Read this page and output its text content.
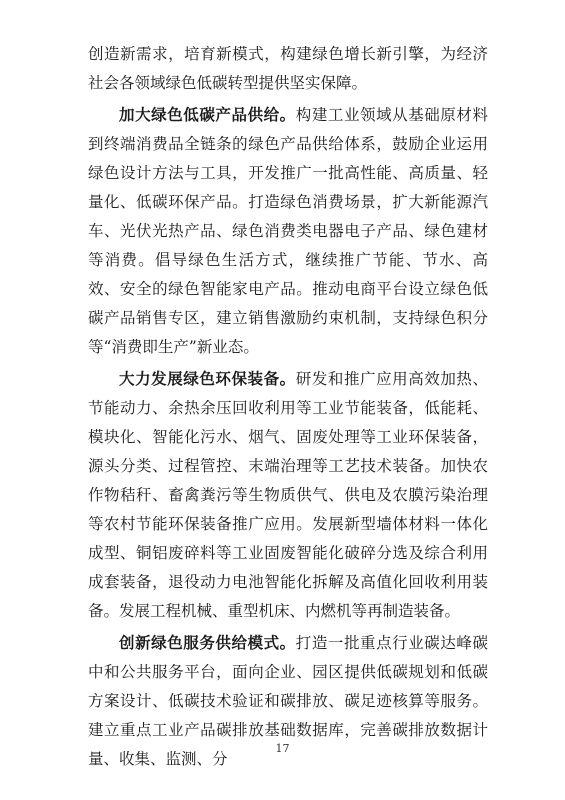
创造新需求，培育新模式，构建绿色增长新引擎，为经济社会各领域绿色低碳转型提供坚实保障。

加大绿色低碳产品供给。构建工业领域从基础原材料到终端消费品全链条的绿色产品供给体系，鼓励企业运用绿色设计方法与工具，开发推广一批高性能、高质量、轻量化、低碳环保产品。打造绿色消费场景，扩大新能源汽车、光伏光热产品、绿色消费类电器电子产品、绿色建材等消费。倡导绿色生活方式，继续推广节能、节水、高效、安全的绿色智能家电产品。推动电商平台设立绿色低碳产品销售专区，建立销售激励约束机制，支持绿色积分等“消费即生产”新业态。

大力发展绿色环保装备。研发和推广应用高效加热、节能动力、余热余压回收利用等工业节能装备，低能耗、模块化、智能化污水、烟气、固废处理等工业环保装备，源头分类、过程管控、末端治理等工艺技术装备。加快农作物秸秆、畜禽粪污等生物质供气、供电及农膜污染治理等农村节能环保装备推广应用。发展新型墙体材料一体化成型、铜铝废碎料等工业固废智能化破碎分选及综合利用成套装备，退役动力电池智能化拆解及高值化回收利用装备。发展工程机械、重型机床、内燃机等再制造装备。

创新绿色服务供给模式。打造一批重点行业碳达峰碳中和公共服务平台，面向企业、园区提供低碳规划和低碳方案设计、低碳技术验证和碳排放、碳足迹核算等服务。建立重点工业产品碳排放基础数据库，完善碳排放数据计量、收集、监测、分

17
